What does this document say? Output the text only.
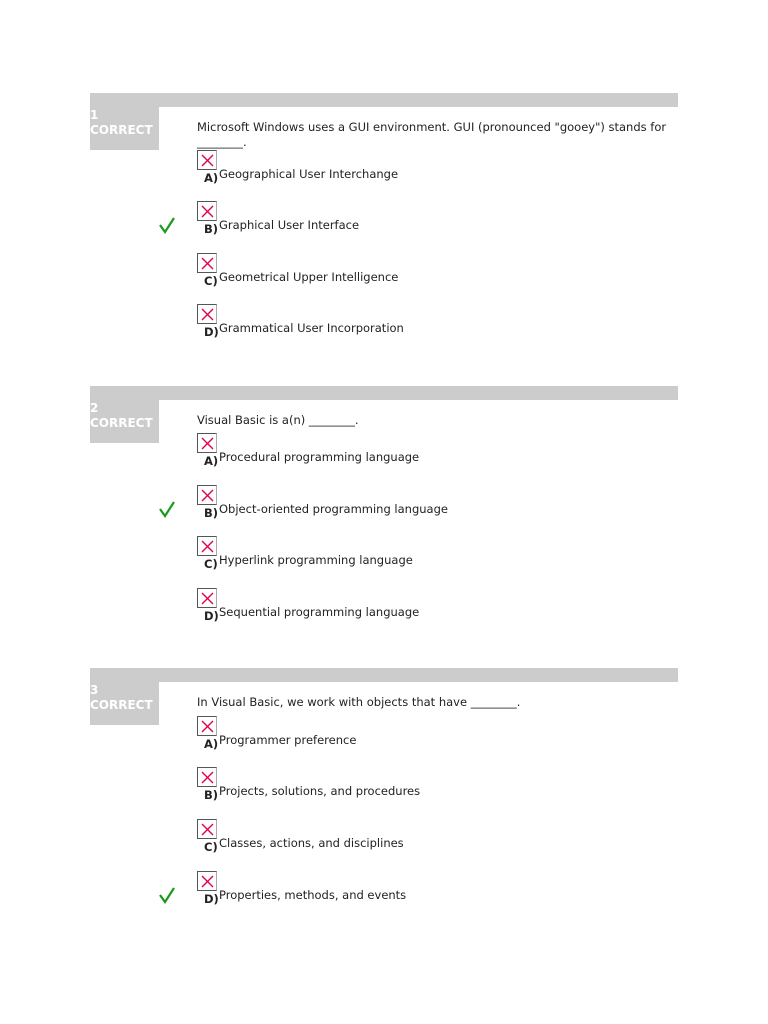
1
CORRECT	Microsoft Windows uses a GUI environment. GUI (pronounced "gooey") stands for ________.
A) Geographical User Interchange
B) Graphical User Interface
C) Geometrical Upper Intelligence
D) Grammatical User Incorporation
2
CORRECT	Visual Basic is a(n) ________.
A) Procedural programming language
B) Object-oriented programming language
C) Hyperlink programming language
D) Sequential programming language
3
CORRECT	In Visual Basic, we work with objects that have ________.
A) Programmer preference
B) Projects, solutions, and procedures
C) Classes, actions, and disciplines
D) Properties, methods, and events
